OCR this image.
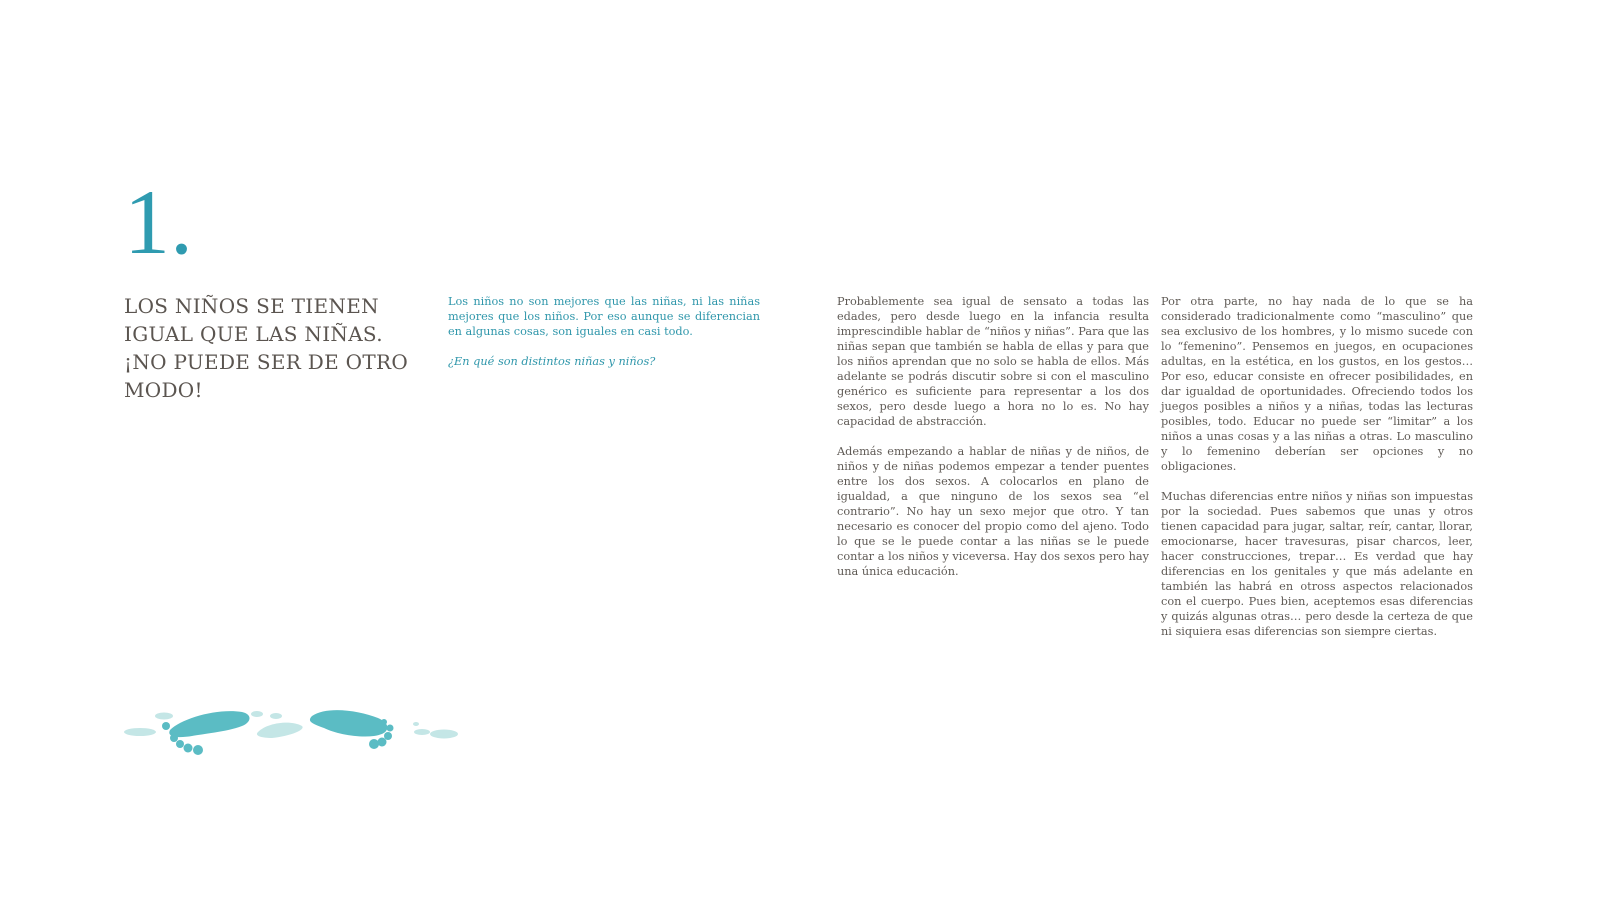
1.
LOS NIÑOS SE TIENEN IGUAL QUE LAS NIÑAS. ¡NO PUEDE SER DE OTRO MODO!

Los niños no son mejores que las niñas, ni las niñas mejores que los niños. Por eso aunque se diferencian en algunas cosas, son iguales en casi todo.

¿En qué son distintos niñas y niños?

Probablemente sea igual de sensato a todas las edades, pero desde luego en la infancia resulta imprescindible hablar de “niños y niñas”. Para que las niñas sepan que también se habla de ellas y para que los niños aprendan que no solo se habla de ellos. Más adelante se podrás discutir sobre si con el masculino genérico es suficiente para representar a los dos sexos, pero desde luego a hora no lo es. No hay capacidad de abstracción.

Además empezando a hablar de niñas y de niños, de niños y de niñas podemos empezar a tender puentes entre los dos sexos. A colocarlos en plano de igualdad, a que ninguno de los sexos sea “el contrario”. No hay un sexo mejor que otro. Y tan necesario es conocer del propio como del ajeno. Todo lo que se le puede contar a las niñas se le puede contar a los niños y viceversa. Hay dos sexos pero hay una única educación.

Por otra parte, no hay nada de lo que se ha considerado tradicionalmente como “masculino” que sea exclusivo de los hombres, y lo mismo sucede con lo “femenino”. Pensemos en juegos, en ocupaciones adultas, en la estética, en los gustos, en los gestos… Por eso, educar consiste en ofrecer posibilidades, en dar igualdad de oportunidades. Ofreciendo todos los juegos posibles a niños y a niñas, todas las lecturas posibles, todo. Educar no puede ser “limitar” a los niños a unas cosas y a las niñas a otras. Lo masculino y lo femenino deberían ser opciones y no obligaciones.

Muchas diferencias entre niños y niñas son impuestas por la sociedad. Pues sabemos que unas y otros tienen capacidad para jugar, saltar, reír, cantar, llorar, emocionarse, hacer travesuras, pisar charcos, leer, hacer construcciones, trepar… Es verdad que hay diferencias en los genitales y que más adelante en también las habrá en otross aspectos relacionados con el cuerpo. Pues bien, aceptemos esas diferencias y quizás algunas otras… pero desde la certeza de que ni siquiera esas diferencias son siempre ciertas.
